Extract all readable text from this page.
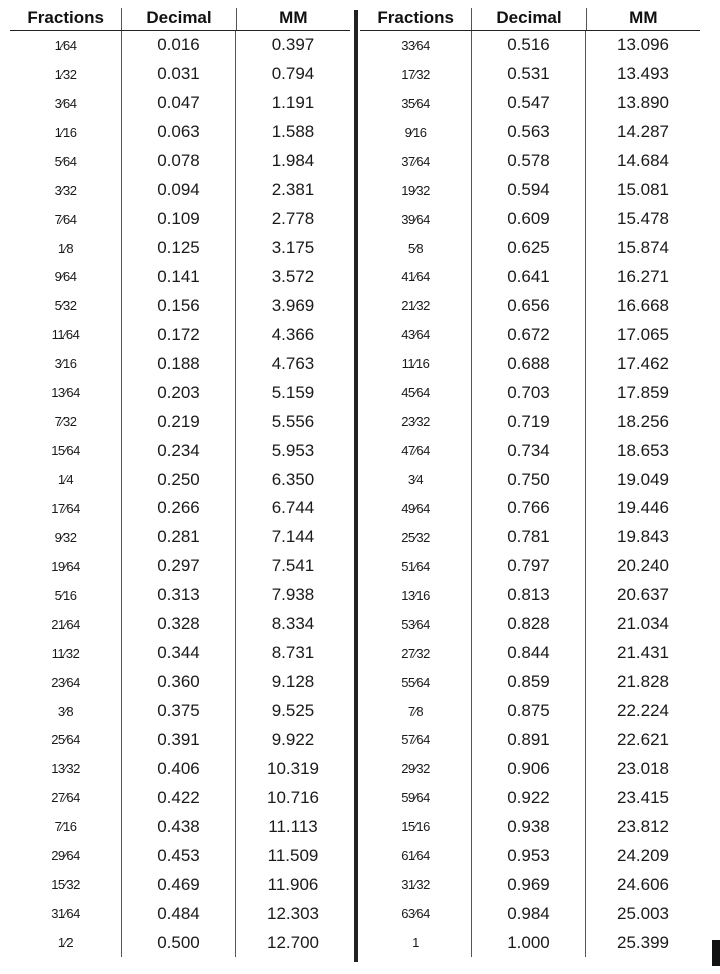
Fractions	Decimal	MM
1⁄64	0.016	0.397
1⁄32	0.031	0.794
3⁄64	0.047	1.191
1⁄16	0.063	1.588
5⁄64	0.078	1.984
3⁄32	0.094	2.381
7⁄64	0.109	2.778
1⁄8	0.125	3.175
9⁄64	0.141	3.572
5⁄32	0.156	3.969
11⁄64	0.172	4.366
3⁄16	0.188	4.763
13⁄64	0.203	5.159
7⁄32	0.219	5.556
15⁄64	0.234	5.953
1⁄4	0.250	6.350
17⁄64	0.266	6.744
9⁄32	0.281	7.144
19⁄64	0.297	7.541
5⁄16	0.313	7.938
21⁄64	0.328	8.334
11⁄32	0.344	8.731
23⁄64	0.360	9.128
3⁄8	0.375	9.525
25⁄64	0.391	9.922
13⁄32	0.406	10.319
27⁄64	0.422	10.716
7⁄16	0.438	11.113
29⁄64	0.453	11.509
15⁄32	0.469	11.906
31⁄64	0.484	12.303
1⁄2	0.500	12.700
Fractions	Decimal	MM
33⁄64	0.516	13.096
17⁄32	0.531	13.493
35⁄64	0.547	13.890
9⁄16	0.563	14.287
37⁄64	0.578	14.684
19⁄32	0.594	15.081
39⁄64	0.609	15.478
5⁄8	0.625	15.874
41⁄64	0.641	16.271
21⁄32	0.656	16.668
43⁄64	0.672	17.065
11⁄16	0.688	17.462
45⁄64	0.703	17.859
23⁄32	0.719	18.256
47⁄64	0.734	18.653
3⁄4	0.750	19.049
49⁄64	0.766	19.446
25⁄32	0.781	19.843
51⁄64	0.797	20.240
13⁄16	0.813	20.637
53⁄64	0.828	21.034
27⁄32	0.844	21.431
55⁄64	0.859	21.828
7⁄8	0.875	22.224
57⁄64	0.891	22.621
29⁄32	0.906	23.018
59⁄64	0.922	23.415
15⁄16	0.938	23.812
61⁄64	0.953	24.209
31⁄32	0.969	24.606
63⁄64	0.984	25.003
1	1.000	25.399
